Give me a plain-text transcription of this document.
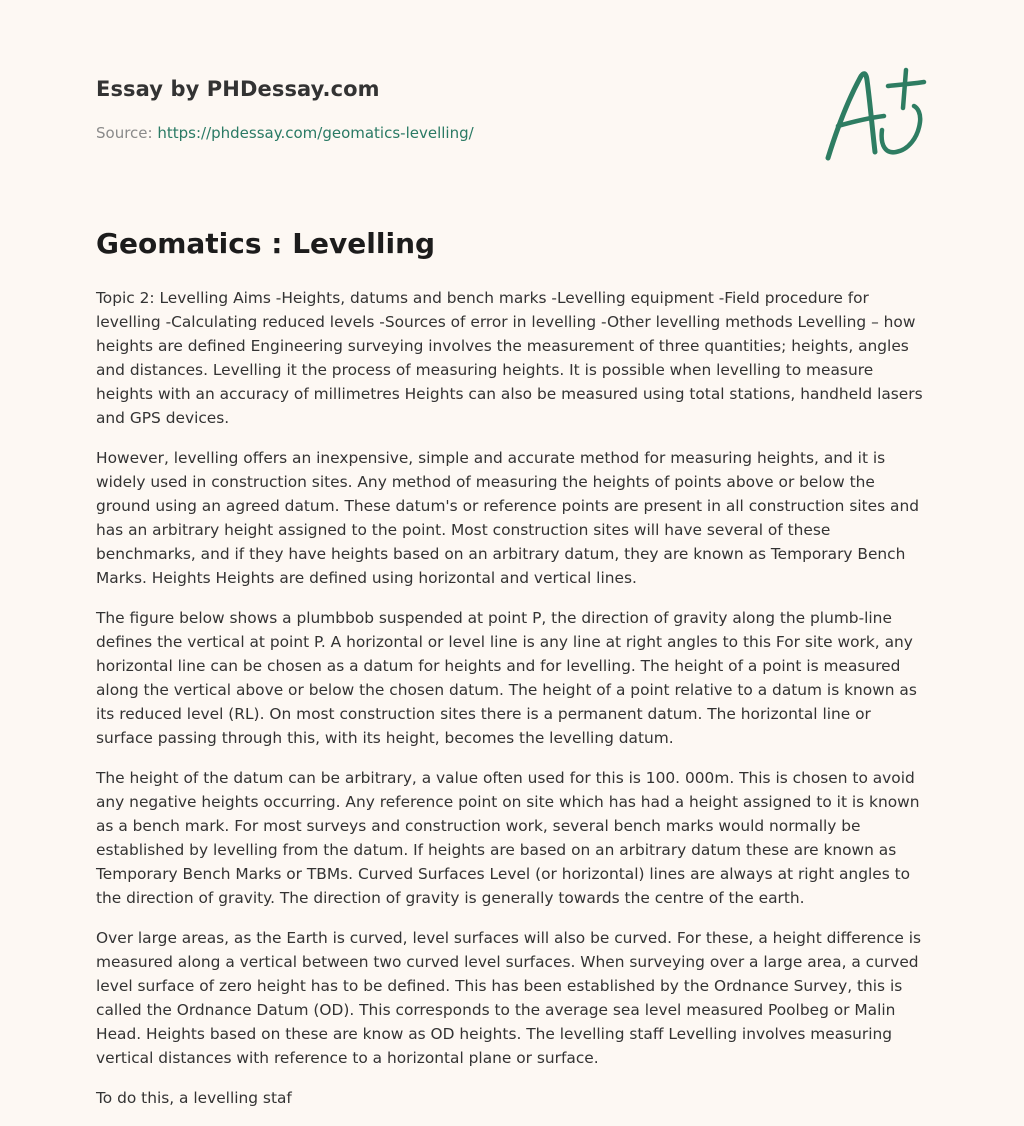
Essay by PHDessay.com
Source: https://phdessay.com/geomatics-levelling/
Geomatics : Levelling

Topic 2: Levelling Aims -Heights, datums and bench marks -Levelling equipment -Field procedure for levelling -Calculating reduced levels -Sources of error in levelling -Other levelling methods Levelling – how heights are defined Engineering surveying involves the measurement of three quantities; heights, angles and distances. Levelling it the process of measuring heights. It is possible when levelling to measure heights with an accuracy of millimetres Heights can also be measured using total stations, handheld lasers and GPS devices.

However, levelling offers an inexpensive, simple and accurate method for measuring heights, and it is widely used in construction sites. Any method of measuring the heights of points above or below the ground using an agreed datum. These datum's or reference points are present in all construction sites and has an arbitrary height assigned to the point. Most construction sites will have several of these benchmarks, and if they have heights based on an arbitrary datum, they are known as Temporary Bench Marks. Heights Heights are defined using horizontal and vertical lines.

The figure below shows a plumbbob suspended at point P, the direction of gravity along the plumb-line defines the vertical at point P. A horizontal or level line is any line at right angles to this For site work, any horizontal line can be chosen as a datum for heights and for levelling. The height of a point is measured along the vertical above or below the chosen datum. The height of a point relative to a datum is known as its reduced level (RL). On most construction sites there is a permanent datum. The horizontal line or surface passing through this, with its height, becomes the levelling datum.

The height of the datum can be arbitrary, a value often used for this is 100. 000m. This is chosen to avoid any negative heights occurring. Any reference point on site which has had a height assigned to it is known as a bench mark. For most surveys and construction work, several bench marks would normally be established by levelling from the datum. If heights are based on an arbitrary datum these are known as Temporary Bench Marks or TBMs. Curved Surfaces Level (or horizontal) lines are always at right angles to the direction of gravity. The direction of gravity is generally towards the centre of the earth.

Over large areas, as the Earth is curved, level surfaces will also be curved. For these, a height difference is measured along a vertical between two curved level surfaces. When surveying over a large area, a curved level surface of zero height has to be defined. This has been established by the Ordnance Survey, this is called the Ordnance Datum (OD). This corresponds to the average sea level measured Poolbeg or Malin Head. Heights based on these are know as OD heights. The levelling staff Levelling involves measuring vertical distances with reference to a horizontal plane or surface.

To do this, a levelling staf
